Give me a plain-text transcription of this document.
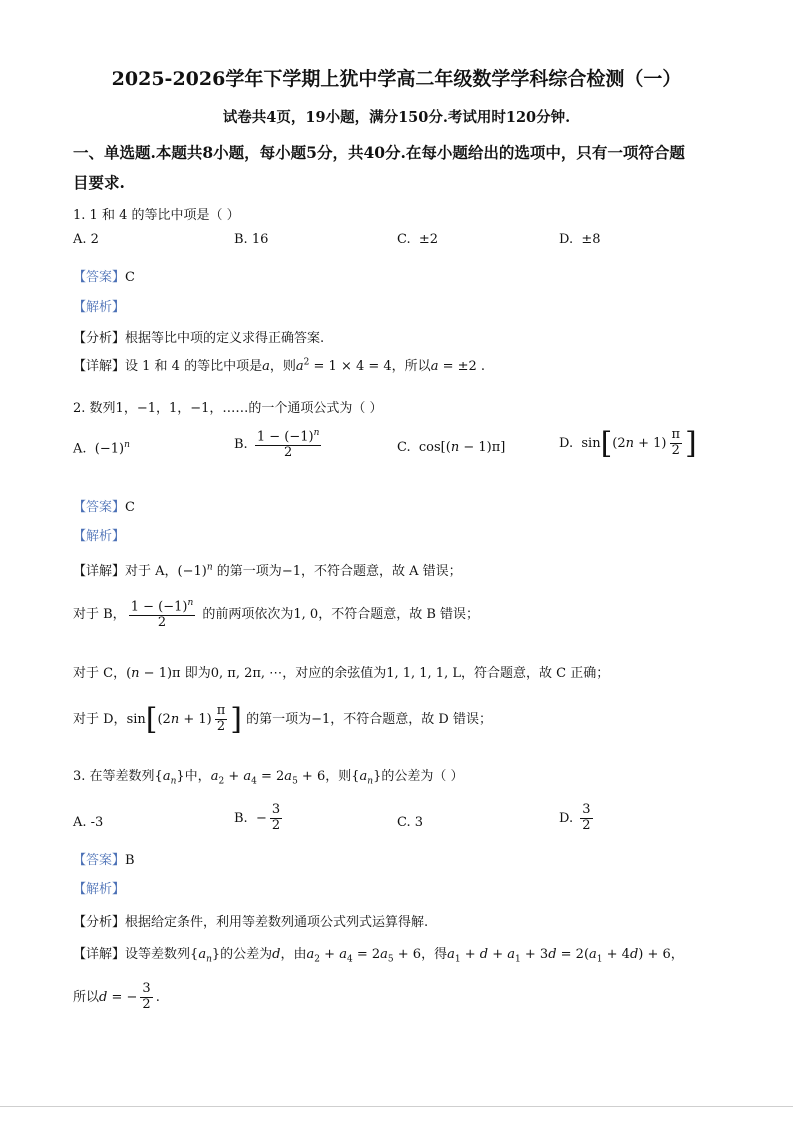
2025-2026学年下学期上犹中学高二年级数学学科综合检测（一）
试卷共4页，19小题，满分150分.考试用时120分钟.
一、单选题.本题共8小题，每小题5分，共40分.在每小题给出的选项中，只有一项符合题
目要求.
1. 1 和 4 的等比中项是（ ）
A. 2	B. 16	C. ±2	D. ±8
【答案】C
【解析】
【分析】根据等比中项的定义求得正确答案.
【详解】设 1 和 4 的等比中项是a，则$a^2 = 1 \times 4 = 4$，所以a = ±2 .
2. 数列1，−1，1，−1，……的一个通项公式为（ ）
A.  $(-1)^n$	B. $\frac{1 - (-1)^n}{2}$	C.  cos[(n − 1)π]	D.  $\sin[(2n + 1) \frac{\pi}{2}$ ]
【答案】C
【解析】
【详解】对于 A，$(-1)^n$ 的第一项为−1，不符合题意，故 A 错误；
对于 B， $\frac{1 - (-1)^n}{2}$ 的前两项依次为1, 0，不符合题意，故 B 错误；
对于 C，(n − 1)π 即为0, π, 2π, ⋯，对应的余弦值为1, 1, 1, 1, L，符合题意，故 C 正确；
对于 D，$\sin[(2n + 1) \frac{\pi}{2}$ ] 的第一项为−1，不符合题意，故 D 错误；
3. 在等差数列$\{a_n\}$中，$a_2 + a_4 = 2a_5 + 6$，则$\{a_n\}$的公差为（ ）
A. -3	B.  − $\frac{3}{2}$	C. 3	D. $\frac{3}{2}$
【答案】B
【解析】
【分析】根据给定条件，利用等差数列通项公式列式运算得解.
【详解】设等差数列$\{a_n\}$的公差为d，由$a_2 + a_4 = 2a_5 + 6$，得$a_1 + d + a_1 + 3d = 2(a_1 + 4d) + 6$，
所以d = − $\frac{3}{2}$ .
